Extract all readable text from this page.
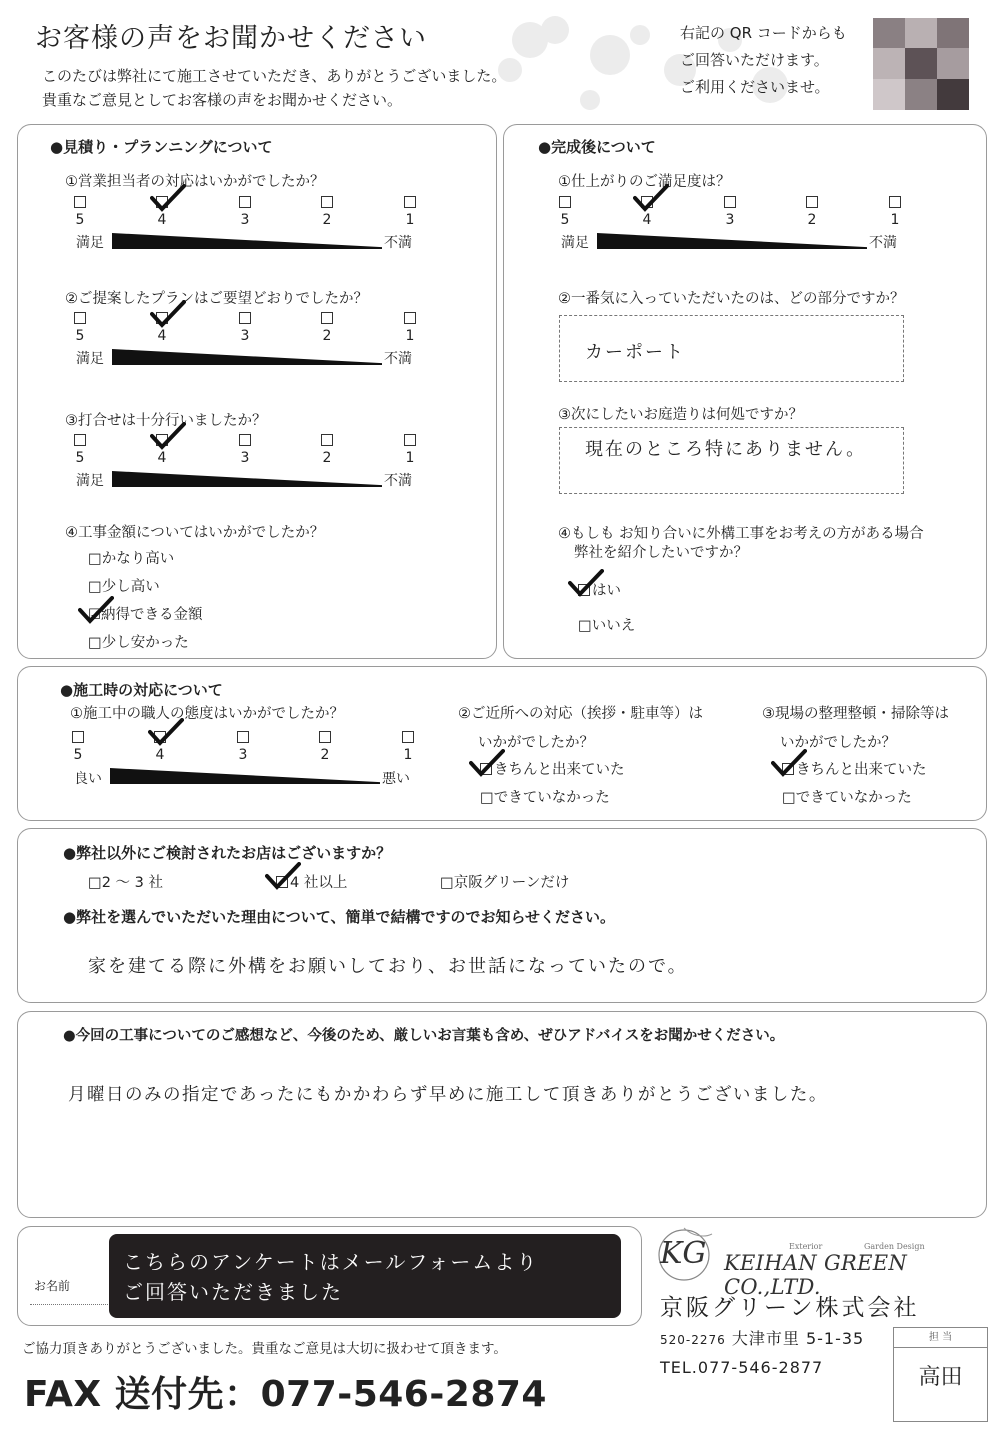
お客様の声をお聞かせください
このたびは弊社にて施工させていただき、ありがとうございました。
貴重なご意見としてお客様の声をお聞かせください。
右記の QR コードからも
ご回答いただけます。
ご利用くださいませ。
●見積り・プランニングについて
①営業担当者の対応はいかがでしたか？
5	4	3	2	1
満足	不満
②ご提案したプランはご要望どおりでしたか？
5	4	3	2	1
満足	不満
③打合せは十分行いましたか？
5	4	3	2	1
満足	不満
④工事金額についてはいかがでしたか？
□かなり高い
□少し高い
☑納得できる金額
□少し安かった
●完成後について
①仕上がりのご満足度は？
5	4	3	2	1
満足	不満
②一番気に入っていただいたのは、どの部分ですか？
カーポート
③次にしたいお庭造りは何処ですか？
現在のところ特にありません。
④もしも お知り合いに外構工事をお考えの方がある場合
弊社を紹介したいですか？
はい
□いいえ
●施工時の対応について
①施工中の職人の態度はいかがでしたか？
5	4	3	2	1
良い	悪い
②ご近所への対応（挨拶・駐車等）は
いかがでしたか？
きちんと出来ていた
□できていなかった
③現場の整理整頓・掃除等は
いかがでしたか？
きちんと出来ていた
□できていなかった
●弊社以外にご検討されたお店はございますか？
□2 ～ 3 社	4 社以上	□京阪グリーンだけ
●弊社を選んでいただいた理由について、簡単で結構ですのでお知らせください。
家を建てる際に外構をお願いしており、お世話になっていたので。
●今回の工事についてのご感想など、今後のため、厳しいお言葉も含め、ぜひアドバイスをお聞かせください。
月曜日のみの指定であったにもかかわらず早めに施工して頂きありがとうございました。
お名前
こちらのアンケートはメールフォームより
ご回答いただきました
ご協力頂きありがとうございました。貴重なご意見は大切に扱わせて頂きます。
FAX 送付先：077-546-2874
KG	Exterior	Garden Design
KEIHAN GREEN CO.,LTD.
京阪グリーン株式会社
520-2276 大津市里 5-1-35
TEL.077-546-2877
担 当
高田
